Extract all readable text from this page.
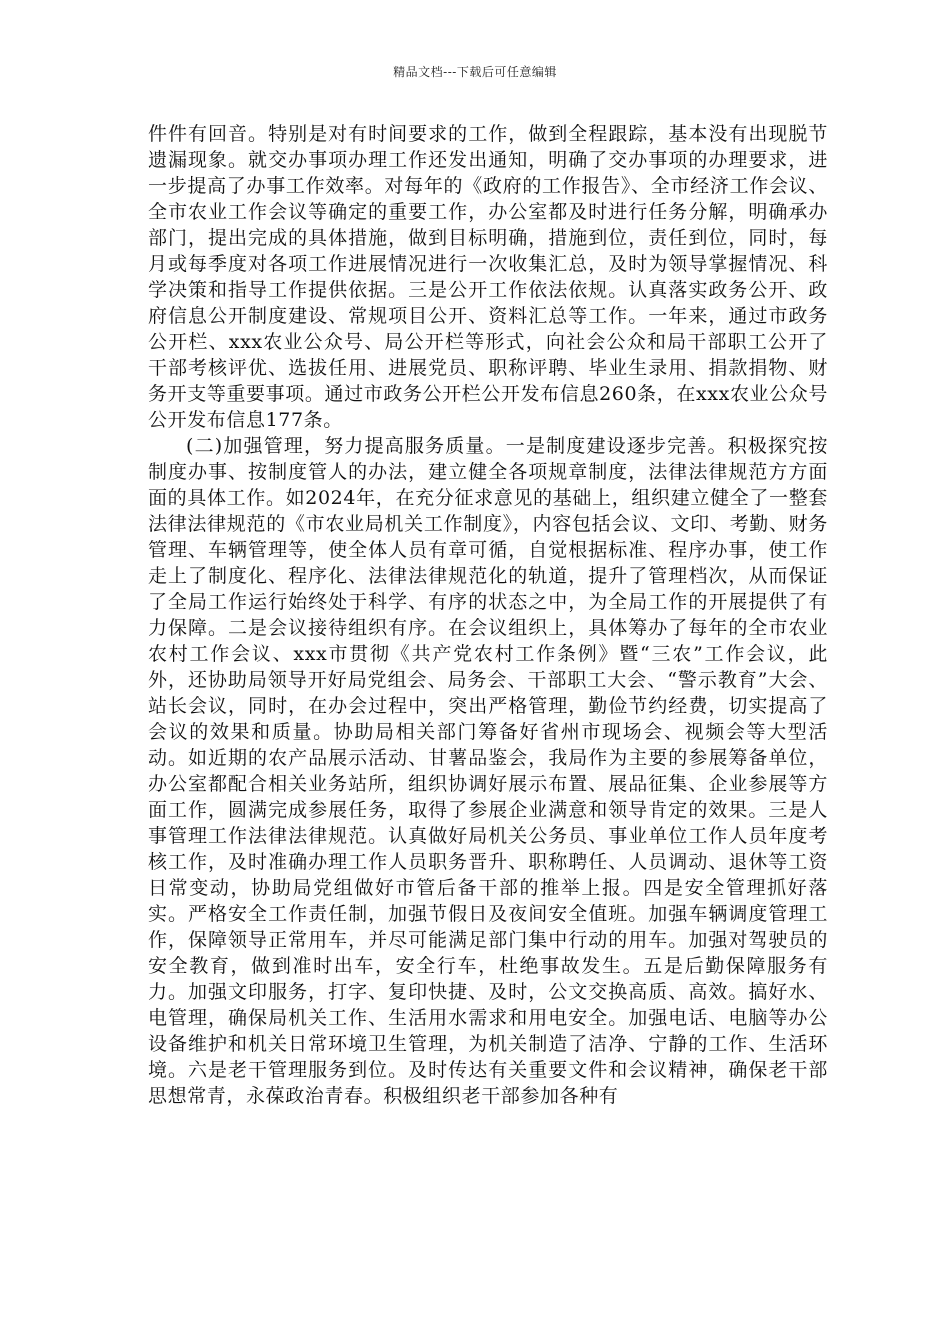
精品文档---下载后可任意编辑

件件有回音。特别是对有时间要求的工作，做到全程跟踪，基本没有出现脱节遗漏现象。就交办事项办理工作还发出通知，明确了交办事项的办理要求，进一步提高了办事工作效率。对每年的《政府的工作报告》、全市经济工作会议、全市农业工作会议等确定的重要工作，办公室都及时进行任务分解，明确承办部门，提出完成的具体措施，做到目标明确，措施到位，责任到位，同时，每月或每季度对各项工作进展情况进行一次收集汇总，及时为领导掌握情况、科学决策和指导工作提供依据。三是公开工作依法依规。认真落实政务公开、政府信息公开制度建设、常规项目公开、资料汇总等工作。一年来，通过市政务公开栏、xxx农业公众号、局公开栏等形式，向社会公众和局干部职工公开了干部考核评优、选拔任用、进展党员、职称评聘、毕业生录用、捐款捐物、财务开支等重要事项。通过市政务公开栏公开发布信息260条，在xxx农业公众号公开发布信息177条。

(二)加强管理，努力提高服务质量。一是制度建设逐步完善。积极探究按制度办事、按制度管人的办法，建立健全各项规章制度，法律法律规范方方面面的具体工作。如2024年，在充分征求意见的基础上，组织建立健全了一整套法律法律规范的《市农业局机关工作制度》，内容包括会议、文印、考勤、财务管理、车辆管理等，使全体人员有章可循，自觉根据标准、程序办事，使工作走上了制度化、程序化、法律法律规范化的轨道，提升了管理档次，从而保证了全局工作运行始终处于科学、有序的状态之中，为全局工作的开展提供了有力保障。二是会议接待组织有序。在会议组织上，具体筹办了每年的全市农业农村工作会议、xxx市贯彻《共产党农村工作条例》暨“三农”工作会议，此外，还协助局领导开好局党组会、局务会、干部职工大会、“警示教育”大会、站长会议，同时，在办会过程中，突出严格管理，勤俭节约经费，切实提高了会议的效果和质量。协助局相关部门筹备好省州市现场会、视频会等大型活动。如近期的农产品展示活动、甘薯品鉴会，我局作为主要的参展筹备单位，办公室都配合相关业务站所，组织协调好展示布置、展品征集、企业参展等方面工作，圆满完成参展任务，取得了参展企业满意和领导肯定的效果。三是人事管理工作法律法律规范。认真做好局机关公务员、事业单位工作人员年度考核工作，及时准确办理工作人员职务晋升、职称聘任、人员调动、退休等工资日常变动，协助局党组做好市管后备干部的推举上报。四是安全管理抓好落实。严格安全工作责任制，加强节假日及夜间安全值班。加强车辆调度管理工作，保障领导正常用车，并尽可能满足部门集中行动的用车。加强对驾驶员的安全教育，做到准时出车，安全行车，杜绝事故发生。五是后勤保障服务有力。加强文印服务，打字、复印快捷、及时，公文交换高质、高效。搞好水、电管理，确保局机关工作、生活用水需求和用电安全。加强电话、电脑等办公设备维护和机关日常环境卫生管理，为机关制造了洁净、宁静的工作、生活环境。六是老干管理服务到位。及时传达有关重要文件和会议精神，确保老干部思想常青，永葆政治青春。积极组织老干部参加各种有
